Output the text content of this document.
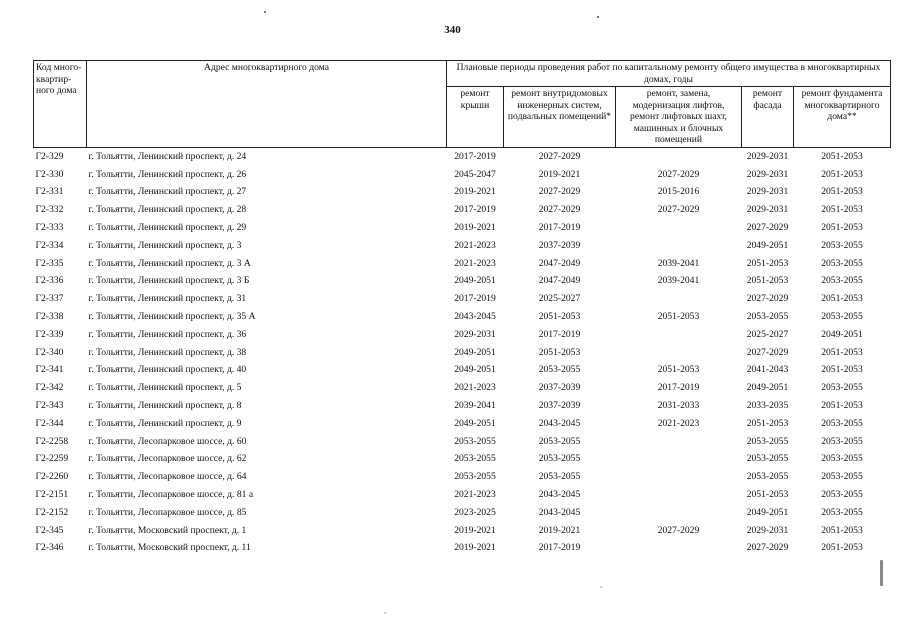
340
Код много-квартир-ного дома	Адрес многоквартирного дома	Плановые периоды проведения работ по капитальному ремонту общего имущества в многоквартирных домах, годы				
		ремонт крыши	ремонт внутридомовых инженерных систем, подвальных помещений*	ремонт, замена, модернизация лифтов, ремонт лифтовых шахт, машинных и блочных помещений	ремонт фасада	ремонт фундамента многоквартирного дома**
Г2-329	г. Тольятти, Ленинский проспект, д. 24	2017-2019	2027-2029		2029-2031	2051-2053
Г2-330	г. Тольятти, Ленинский проспект, д. 26	2045-2047	2019-2021	2027-2029	2029-2031	2051-2053
Г2-331	г. Тольятти, Ленинский проспект, д. 27	2019-2021	2027-2029	2015-2016	2029-2031	2051-2053
Г2-332	г. Тольятти, Ленинский проспект, д. 28	2017-2019	2027-2029	2027-2029	2029-2031	2051-2053
Г2-333	г. Тольятти, Ленинский проспект, д. 29	2019-2021	2017-2019		2027-2029	2051-2053
Г2-334	г. Тольятти, Ленинский проспект, д. 3	2021-2023	2037-2039		2049-2051	2053-2055
Г2-335	г. Тольятти, Ленинский проспект, д. 3 А	2021-2023	2047-2049	2039-2041	2051-2053	2053-2055
Г2-336	г. Тольятти, Ленинский проспект, д. 3 Б	2049-2051	2047-2049	2039-2041	2051-2053	2053-2055
Г2-337	г. Тольятти, Ленинский проспект, д. 31	2017-2019	2025-2027		2027-2029	2051-2053
Г2-338	г. Тольятти, Ленинский проспект, д. 35 А	2043-2045	2051-2053	2051-2053	2053-2055	2053-2055
Г2-339	г. Тольятти, Ленинский проспект, д. 36	2029-2031	2017-2019		2025-2027	2049-2051
Г2-340	г. Тольятти, Ленинский проспект, д. 38	2049-2051	2051-2053		2027-2029	2051-2053
Г2-341	г. Тольятти, Ленинский проспект, д. 40	2049-2051	2053-2055	2051-2053	2041-2043	2051-2053
Г2-342	г. Тольятти, Ленинский проспект, д. 5	2021-2023	2037-2039	2017-2019	2049-2051	2053-2055
Г2-343	г. Тольятти, Ленинский проспект, д. 8	2039-2041	2037-2039	2031-2033	2033-2035	2051-2053
Г2-344	г. Тольятти, Ленинский проспект, д. 9	2049-2051	2043-2045	2021-2023	2051-2053	2053-2055
Г2-2258	г. Тольятти, Лесопарковое шоссе, д. 60	2053-2055	2053-2055		2053-2055	2053-2055
Г2-2259	г. Тольятти, Лесопарковое шоссе, д. 62	2053-2055	2053-2055		2053-2055	2053-2055
Г2-2260	г. Тольятти, Лесопарковое шоссе, д. 64	2053-2055	2053-2055		2053-2055	2053-2055
Г2-2151	г. Тольятти, Лесопарковое шоссе, д. 81 а	2021-2023	2043-2045		2051-2053	2053-2055
Г2-2152	г. Тольятти, Лесопарковое шоссе, д. 85	2023-2025	2043-2045		2049-2051	2053-2055
Г2-345	г. Тольятти, Московский проспект, д. 1	2019-2021	2019-2021	2027-2029	2029-2031	2051-2053
Г2-346	г. Тольятти, Московский проспект, д. 11	2019-2021	2017-2019		2027-2029	2051-2053
